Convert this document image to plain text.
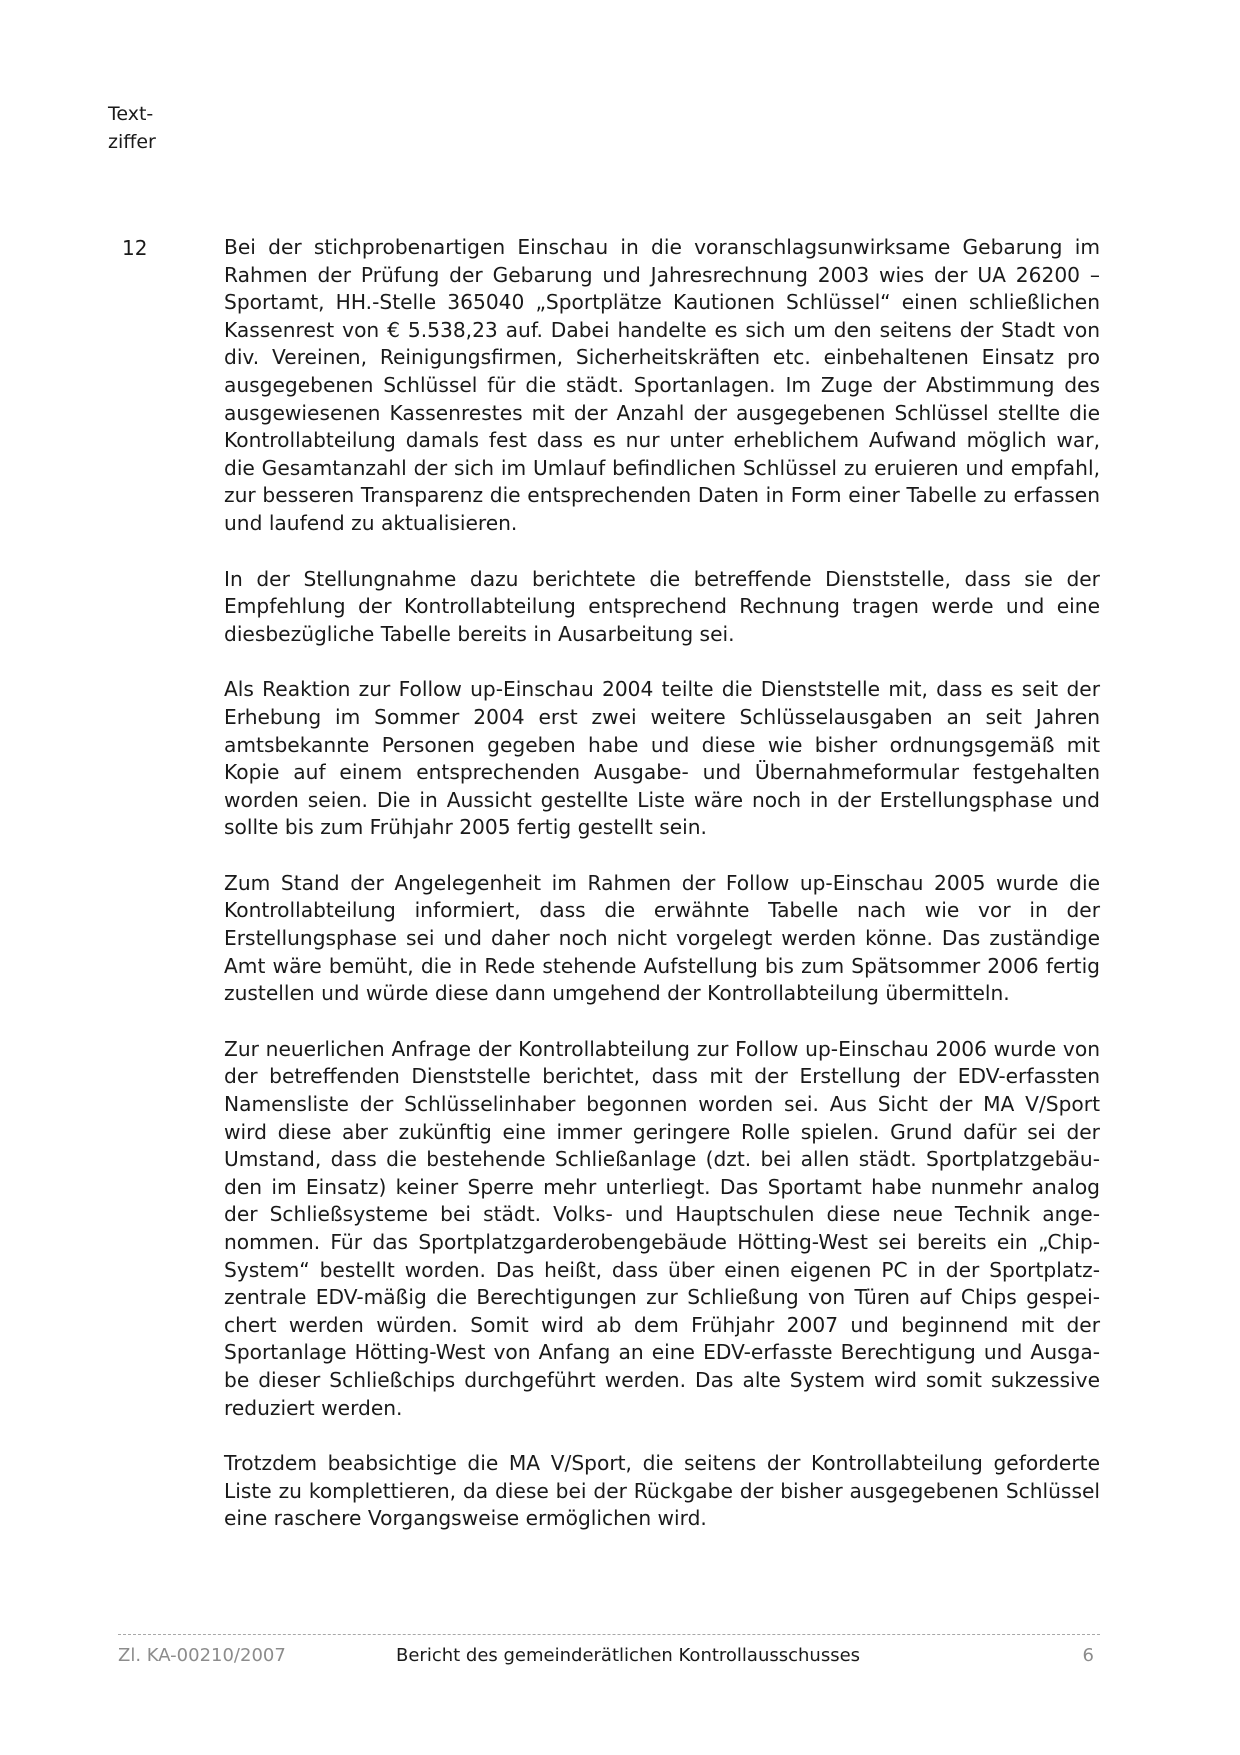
Text-
ziffer
12	Bei der stichprobenartigen Einschau in die voranschlagsunwirksame Gebarung im Rahmen der Prüfung der Gebarung und Jahresrechnung 2003 wies der UA 26200 – Sportamt, HH.-Stelle 365040 „Sportplätze Kautionen Schlüssel“ einen schließlichen Kassenrest von € 5.538,23 auf. Dabei handelte es sich um den seitens der Stadt von div. Vereinen, Reinigungsfirmen, Sicherheitskräften etc. einbehaltenen Einsatz pro ausgegebenen Schlüssel für die städt. Sportanlagen. Im Zuge der Abstimmung des ausgewiesenen Kassenrestes mit der Anzahl der ausgegebenen Schlüssel stellte die Kontrollabteilung damals fest dass es nur unter erheblichem Aufwand möglich war, die Gesamtanzahl der sich im Umlauf befindlichen Schlüssel zu eruieren und empfahl, zur besseren Transparenz die entsprechenden Daten in Form einer Tabelle zu erfassen und laufend zu aktualisieren.

In der Stellungnahme dazu berichtete die betreffende Dienststelle, dass sie der Empfehlung der Kontrollabteilung entsprechend Rechnung tragen werde und eine diesbezügliche Tabelle bereits in Ausarbeitung sei.

Als Reaktion zur Follow up-Einschau 2004 teilte die Dienststelle mit, dass es seit der Erhebung im Sommer 2004 erst zwei weitere Schlüsselausgaben an seit Jahren amtsbekannte Personen gegeben habe und diese wie bisher ordnungsgemäß mit Kopie auf einem entsprechenden Ausgabe- und Übernahmeformular festgehalten worden seien. Die in Aussicht gestellte Liste wäre noch in der Erstellungsphase und sollte bis zum Frühjahr 2005 fertig gestellt sein.

Zum Stand der Angelegenheit im Rahmen der Follow up-Einschau 2005 wurde die Kontrollabteilung informiert, dass die erwähnte Tabelle nach wie vor in der Erstellungsphase sei und daher noch nicht vorgelegt werden könne. Das zuständige Amt wäre bemüht, die in Rede stehende Aufstellung bis zum Spätsommer 2006 fertig zustellen und würde diese dann umgehend der Kontrollabteilung übermitteln.

Zur neuerlichen Anfrage der Kontrollabteilung zur Follow up-Einschau 2006 wurde von der betreffenden Dienststelle berichtet, dass mit der Erstellung der EDV-erfassten Namensliste der Schlüsselinhaber begonnen worden sei. Aus Sicht der MA V/Sport wird diese aber zukünftig eine immer geringere Rolle spielen. Grund dafür sei der Umstand, dass die bestehende Schließanlage (dzt. bei allen städt. Sportplatzgebäuden im Einsatz) keiner Sperre mehr unterliegt. Das Sportamt habe nunmehr analog der Schließsysteme bei städt. Volks- und Hauptschulen diese neue Technik angenommen. Für das Sportplatzgarderobengebäude Hötting-West sei bereits ein „Chip-System“ bestellt worden. Das heißt, dass über einen eigenen PC in der Sportplatzzentrale EDV-mäßig die Berechtigungen zur Schließung von Türen auf Chips gespeichert werden würden. Somit wird ab dem Frühjahr 2007 und beginnend mit der Sportanlage Hötting-West von Anfang an eine EDV-erfasste Berechtigung und Ausgabe dieser Schließchips durchgeführt werden. Das alte System wird somit sukzessive reduziert werden.

Trotzdem beabsichtige die MA V/Sport, die seitens der Kontrollabteilung geforderte Liste zu komplettieren, da diese bei der Rückgabe der bisher ausgegebenen Schlüssel eine raschere Vorgangsweise ermöglichen wird.

Zl. KA-00210/2007	Bericht des gemeinderätlichen Kontrollausschusses	6
